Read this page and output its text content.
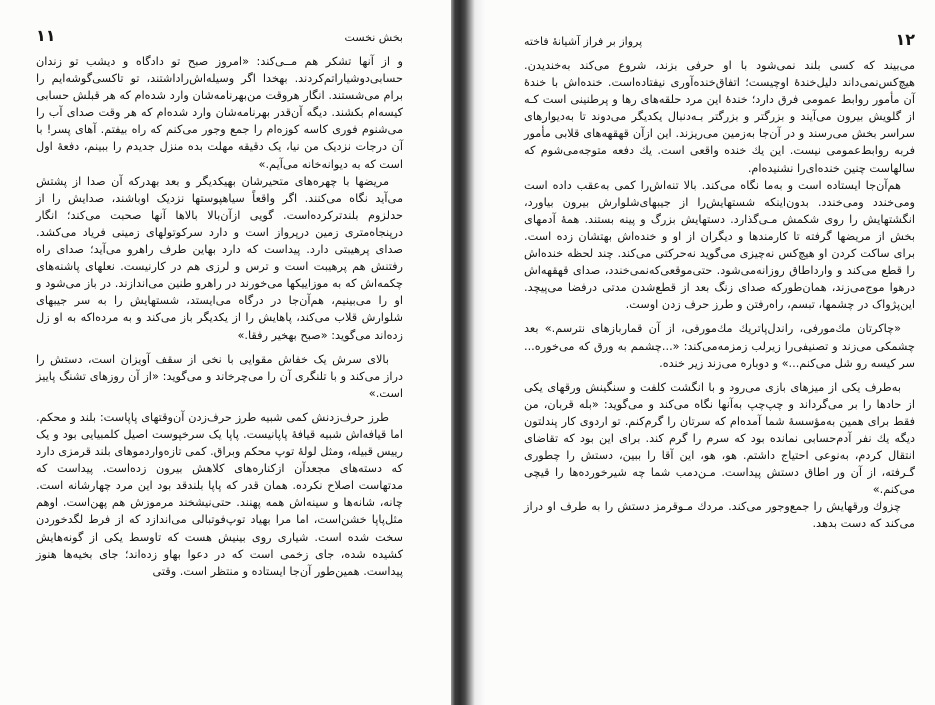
بخش نخست
۱۱

و از آنها تشکر هم مــی‌کند: «امروز صبح تو دادگاه و دیشب تو زندان حسابی‌دوشیاراتم‌کردند. بهخدا اگر وسیله‌اش‌راداشتند، تو تاکسی‌گوشه‌ایم را برام می‌شستند. انگار هروقت من‌بهرنامه‌شان وارد شده‌ام که هر قبلش حسابی کیسه‌ام بکشند. دیگه آن‌قدر بهرنامه‌شان وارد شده‌ام که هر وقت صدای آب را می‌شنوم فوری کاسه کوزه‌ام را جمع وجور می‌کنم که راه بیفتم. آهای پسر! با آن درجات نزدیک من نیا، یک دقیقه مهلت بده منزل جدیدم را ببینم، دفعهٔ اول است که به دیوانه‌خانه می‌آیم.»

مریضها با چهره‌های متحیرشان بهیکدیگر و بعد بهدرکه آن صدا از پشتش می‌آید نگاه می‌کنند. اگر واقعاً سیاهپوستها نزدیک اوباشند، صدایش را از حدلزوم بلندترکرده‌است. گویی ازآن‌بالا بالا‌ها آنها صحبت می‌کند؛ انگار درپنجاه‌متری زمین درپرواز است و دارد سرکوتولهای زمینی فریاد می‌کشد. صدای پرهیبتی دارد. پیداست که دارد بهاین طرف راهرو می‌آید؛ صدای راه رفتنش هم پرهیبت است و ترس و لرزی هم در کارنیست. نعلهای پاشنه‌های چکمه‌اش که به موزاییکها می‌خورند در راهرو طنین می‌اندازند. در باز می‌شود و او را می‌بینیم، هم‌آن‌جا در درگاه می‌ایستد، شستهایش را به سر جیبهای شلوارش قلاب می‌کند، پاهایش را از یکدیگر باز می‌کند و به مرده‌اکه به او زل زده‌اند می‌گوید: «صبح بهخیر رفقا.»

بالای سرش یک خفاش مقوایی با نخی از سقف آویزان است، دستش را دراز می‌کند و با تلنگری آن را می‌چرخاند و می‌گوید: «از آن روزهای تشنگ پاییز است.»

طرز حرف‌زدنش کمی شبیه طرز حرف‌زدن آن‌وقتهای پاپاست: بلند و محکم. اما قیافه‌اش شبیه قیافهٔ پاپانیست. پاپا یک سرخپوست اصیل کلمبیایی بود و یک رییس قبیله، ومثل لولهٔ توپ محکم وبراق. کمی تازه‌واردموهای بلند قرمزی دارد که دسته‌های مجعدآن ازکناره‌های کلاهش بیرون زده‌است. پیداست که مدتهاست اصلاح نکرده. همان قدر که پاپا بلندقد بود این مرد چهارشانه است. چانه، شانه‌ها و سینه‌اش همه پهنند. حتی‌نیشخند مرموزش هم پهن‌است. اوهم مثل‌پاپا خشن‌است، اما مرا بهیاد توپ‌فوتبالی می‌اندازد که از فرط لگدخوردن سخت شده است. شیاری روی بینیش هست که تاوسط یکی از گونه‌هایش کشیده شده، جای زخمی است که در دعوا بهاو زده‌اند؛ جای بخیه‌ها هنوز پیداست. همین‌طور آن‌جا ایستاده و منتظر است. وقتی

۱۲
پرواز بر فراز آشیانهٔ فاخته

می‌بیند که کسی بلند نمی‌شود با او حرفی بزند، شروع می‌کند به‌خندیدن. هیچ‌کس‌نمی‌داند دلیل‌خندهٔ اوچیست؛ اتفاق‌خنده‌آوری نیفتاده‌است. خنده‌اش با خندهٔ آن مأمور روابط عمومی فرق دارد؛ خندهٔ این مرد حلقه‌های رها و پرطنینی است کـه از گلویش بیرون می‌آیند و بزرگتر و بزرگتر بـه‌دنبال یکدیگر می‌دوند تا به‌دیوارهای سراسر بخش می‌رسند و در آن‌جا به‌زمین می‌ریزند. این ازآن قهقهه‌های قلابی مأمور فربه روابط‌عمومی نیست. این یك خنده واقعی است. یك دفعه متوجه‌می‌شوم که سالهاست چنین خنده‌ای‌را نشنیده‌ام.

هم‌آن‌جا ایستاده است و به‌ما نگاه می‌کند. بالا تنه‌اش‌را کمی به‌عقب داده است ومی‌خندد ومی‌خندد. بدون‌اینکه شستهایش‌را از جیبهای‌شلوارش بیرون بیاورد، انگشتهایش را روی شکمش مـی‌گذارد. دستهایش بزرگ و پینه بستند. همهٔ آدمهای بخش از مریضها گرفته تا کارمندها و دیگران از او و خنده‌اش بهتشان زده است. برای ساکت کردن او هیچ‌کس نه‌چیزی می‌گوید نه‌حرکتی می‌کند. چند لحظه خنده‌اش را قطع می‌کند و وارداطاق روزانه‌می‌شود. حتی‌موقعی‌که‌نمی‌خندد، صدای قهقهه‌اش درهوا موج‌می‌زند، همان‌طورکه صدای زنگ بعد از قطع‌شدن مدتی درفضا می‌پیچد. این‌پژواک در چشمها، تبسم، راه‌رفتن و طرز حرف زدن اوست.

«چاکرتان مك‌مورفی، راندل‌پاتریك مك‌مورفی، از آن قماربازهای نترسم.» بعد چشمکی می‌زند و تصنیفی‌را زیرلب زمزمه‌می‌کند: «...چشمم به ورق که می‌خوره... سر کیسه رو شل می‌کنم...» و دوباره می‌زند زیر خنده.

به‌طرف یکی از میزهای بازی می‌رود و با انگشت کلفت و سنگینش ورقهای یکی از حادها را بر می‌گرداند و چپ‌چپ به‌آنها نگاه می‌کند و می‌گوید: «بله قربان، من فقط برای همین به‌مؤسسهٔ شما آمده‌ام که سرتان را گرم‌کنم. تو اردوی کار پندلتون دیگه یك نفر آدم‌حسابی نمانده بود که سرم را گرم کند. برای این بود که تقاضای انتقال کردم، به‌نوعی احتیاج داشتم. هو، هو، این آقا را ببین، دستش را چطوری گـرفته، از آن ور اطاق دستش پیداست. مـن‌دمب شما چه شیرخورده‌ها را قیچی می‌کنم.»

چزوك ورقهایش را جمع‌وجور می‌کند. مردك مـوقرمز دستش را به طرف او دراز می‌کند که دست بدهد.
